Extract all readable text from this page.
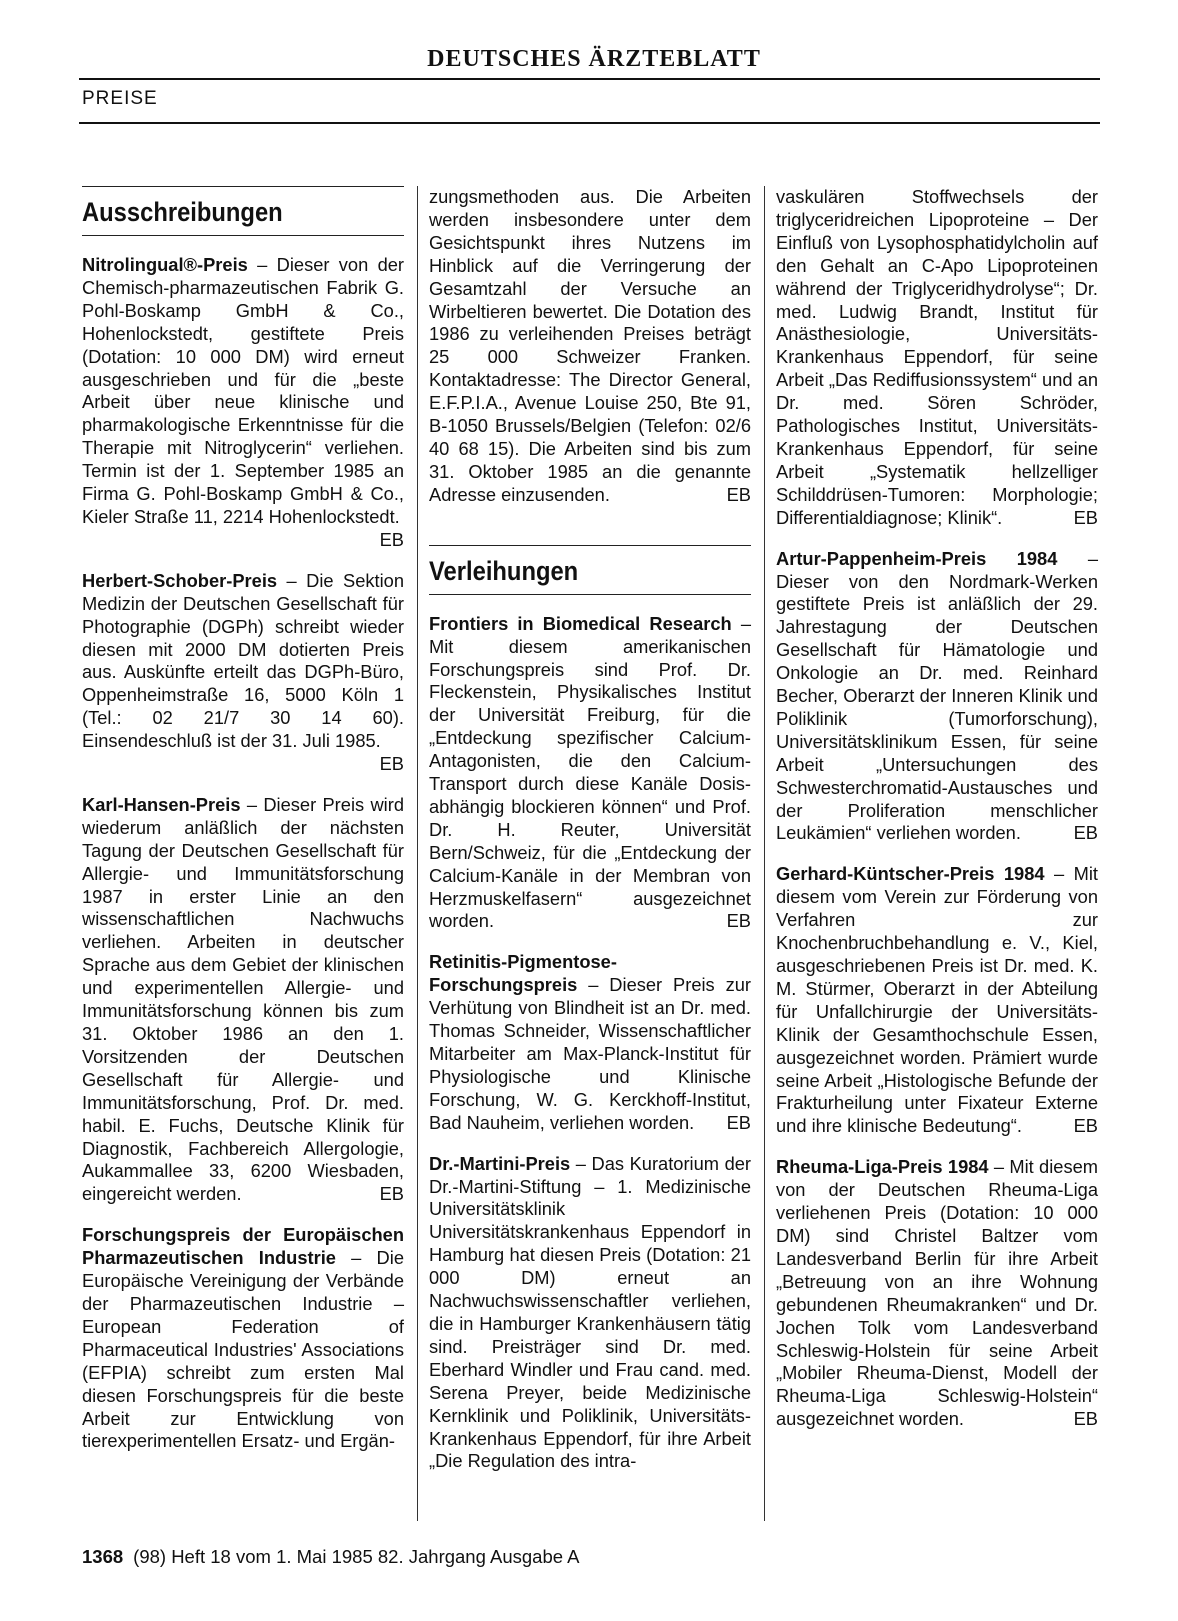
DEUTSCHES ÄRZTEBLATT
PREISE
Ausschreibungen

Nitrolingual®-Preis – Dieser von der Chemisch-pharmazeutischen Fabrik G. Pohl-Boskamp GmbH & Co., Hohenlockstedt, gestiftete Preis (Dotation: 10 000 DM) wird erneut ausgeschrieben und für die „beste Arbeit über neue klinische und pharmakologische Erkenntnisse für die Therapie mit Nitroglycerin“ verliehen. Termin ist der 1. September 1985 an Firma G. Pohl-Boskamp GmbH & Co., Kieler Straße 11, 2214 Hohenlockstedt.
EB

Herbert-Schober-Preis – Die Sektion Medizin der Deutschen Gesellschaft für Photographie (DGPh) schreibt wieder diesen mit 2000 DM dotierten Preis aus. Auskünfte erteilt das DGPh-Büro, Oppenheimstraße 16, 5000 Köln 1 (Tel.: 02 21/7 30 14 60). Einsendeschluß ist der 31. Juli 1985.
EB

Karl-Hansen-Preis – Dieser Preis wird wiederum anläßlich der nächsten Tagung der Deutschen Gesellschaft für Allergie- und Immunitätsforschung 1987 in erster Linie an den wissenschaftlichen Nachwuchs verliehen. Arbeiten in deutscher Sprache aus dem Gebiet der klinischen und experimentellen Allergie- und Immunitätsforschung können bis zum 31. Oktober 1986 an den 1. Vorsitzenden der Deutschen Gesellschaft für Allergie- und Immunitätsforschung, Prof. Dr. med. habil. E. Fuchs, Deutsche Klinik für Diagnostik, Fachbereich Allergologie, Aukammallee 33, 6200 Wiesbaden, eingereicht werden.	EB

Forschungspreis der Europäischen Pharmazeutischen Industrie – Die Europäische Vereinigung der Verbände der Pharmazeutischen Industrie – European Federation of Pharmaceutical Industries' Associations (EFPIA) schreibt zum ersten Mal diesen Forschungspreis für die beste Arbeit zur Entwicklung von tierexperimentellen Ersatz- und Ergän-

zungsmethoden aus. Die Arbeiten werden insbesondere unter dem Gesichtspunkt ihres Nutzens im Hinblick auf die Verringerung der Gesamtzahl der Versuche an Wirbeltieren bewertet. Die Dotation des 1986 zu verleihenden Preises beträgt 25 000 Schweizer Franken. Kontaktadresse: The Director General, E.F.P.I.A., Avenue Louise 250, Bte 91, B-1050 Brussels/Belgien (Telefon: 02/6 40 68 15). Die Arbeiten sind bis zum 31. Oktober 1985 an die genannte Adresse einzusenden.	EB

Verleihungen

Frontiers in Biomedical Research – Mit diesem amerikanischen Forschungspreis sind Prof. Dr. Fleckenstein, Physikalisches Institut der Universität Freiburg, für die „Entdeckung spezifischer Calcium-Antagonisten, die den Calcium-Transport durch diese Kanäle Dosis-abhängig blockieren können“ und Prof. Dr. H. Reuter, Universität Bern/Schweiz, für die „Entdeckung der Calcium-Kanäle in der Membran von Herzmuskelfasern“ ausgezeichnet worden.	EB

Retinitis-Pigmentose-Forschungspreis – Dieser Preis zur Verhütung von Blindheit ist an Dr. med. Thomas Schneider, Wissenschaftlicher Mitarbeiter am Max-Planck-Institut für Physiologische und Klinische Forschung, W. G. Kerckhoff-Institut, Bad Nauheim, verliehen worden. EB

Dr.-Martini-Preis – Das Kuratorium der Dr.-Martini-Stiftung – 1. Medizinische Universitätsklinik Universitätskrankenhaus Eppendorf in Hamburg hat diesen Preis (Dotation: 21 000 DM) erneut an Nachwuchswissenschaftler verliehen, die in Hamburger Krankenhäusern tätig sind. Preisträger sind Dr. med. Eberhard Windler und Frau cand. med. Serena Preyer, beide Medizinische Kernklinik und Poliklinik, Universitäts-Krankenhaus Eppendorf, für ihre Arbeit „Die Regulation des intra-

vaskulären Stoffwechsels der triglyceridreichen Lipoproteine – Der Einfluß von Lysophosphatidylcholin auf den Gehalt an C-Apo Lipoproteinen während der Triglyceridhydrolyse“; Dr. med. Ludwig Brandt, Institut für Anästhesiologie, Universitäts-Krankenhaus Eppendorf, für seine Arbeit „Das Rediffusionssystem“ und an Dr. med. Sören Schröder, Pathologisches Institut, Universitäts-Krankenhaus Eppendorf, für seine Arbeit „Systematik hellzelliger Schilddrüsen-Tumoren: Morphologie; Differentialdiagnose; Klinik“.	EB

Artur-Pappenheim-Preis 1984 – Dieser von den Nordmark-Werken gestiftete Preis ist anläßlich der 29. Jahrestagung der Deutschen Gesellschaft für Hämatologie und Onkologie an Dr. med. Reinhard Becher, Oberarzt der Inneren Klinik und Poliklinik (Tumorforschung), Universitätsklinikum Essen, für seine Arbeit „Untersuchungen des Schwesterchromatid-Austausches und der Proliferation menschlicher Leukämien“ verliehen worden.	EB

Gerhard-Küntscher-Preis 1984 – Mit diesem vom Verein zur Förderung von Verfahren zur Knochenbruchbehandlung e. V., Kiel, ausgeschriebenen Preis ist Dr. med. K. M. Stürmer, Oberarzt in der Abteilung für Unfallchirurgie der Universitäts-Klinik der Gesamthochschule Essen, ausgezeichnet worden. Prämiert wurde seine Arbeit „Histologische Befunde der Frakturheilung unter Fixateur Externe und ihre klinische Bedeutung“.	EB

Rheuma-Liga-Preis 1984 – Mit diesem von der Deutschen Rheuma-Liga verliehenen Preis (Dotation: 10 000 DM) sind Christel Baltzer vom Landesverband Berlin für ihre Arbeit „Betreuung von an ihre Wohnung gebundenen Rheumakranken“ und Dr. Jochen Tolk vom Landesverband Schleswig-Holstein für seine Arbeit „Mobiler Rheuma-Dienst, Modell der Rheuma-Liga Schleswig-Holstein“ ausgezeichnet worden.	EB

1368 (98) Heft 18 vom 1. Mai 1985 82. Jahrgang Ausgabe A
